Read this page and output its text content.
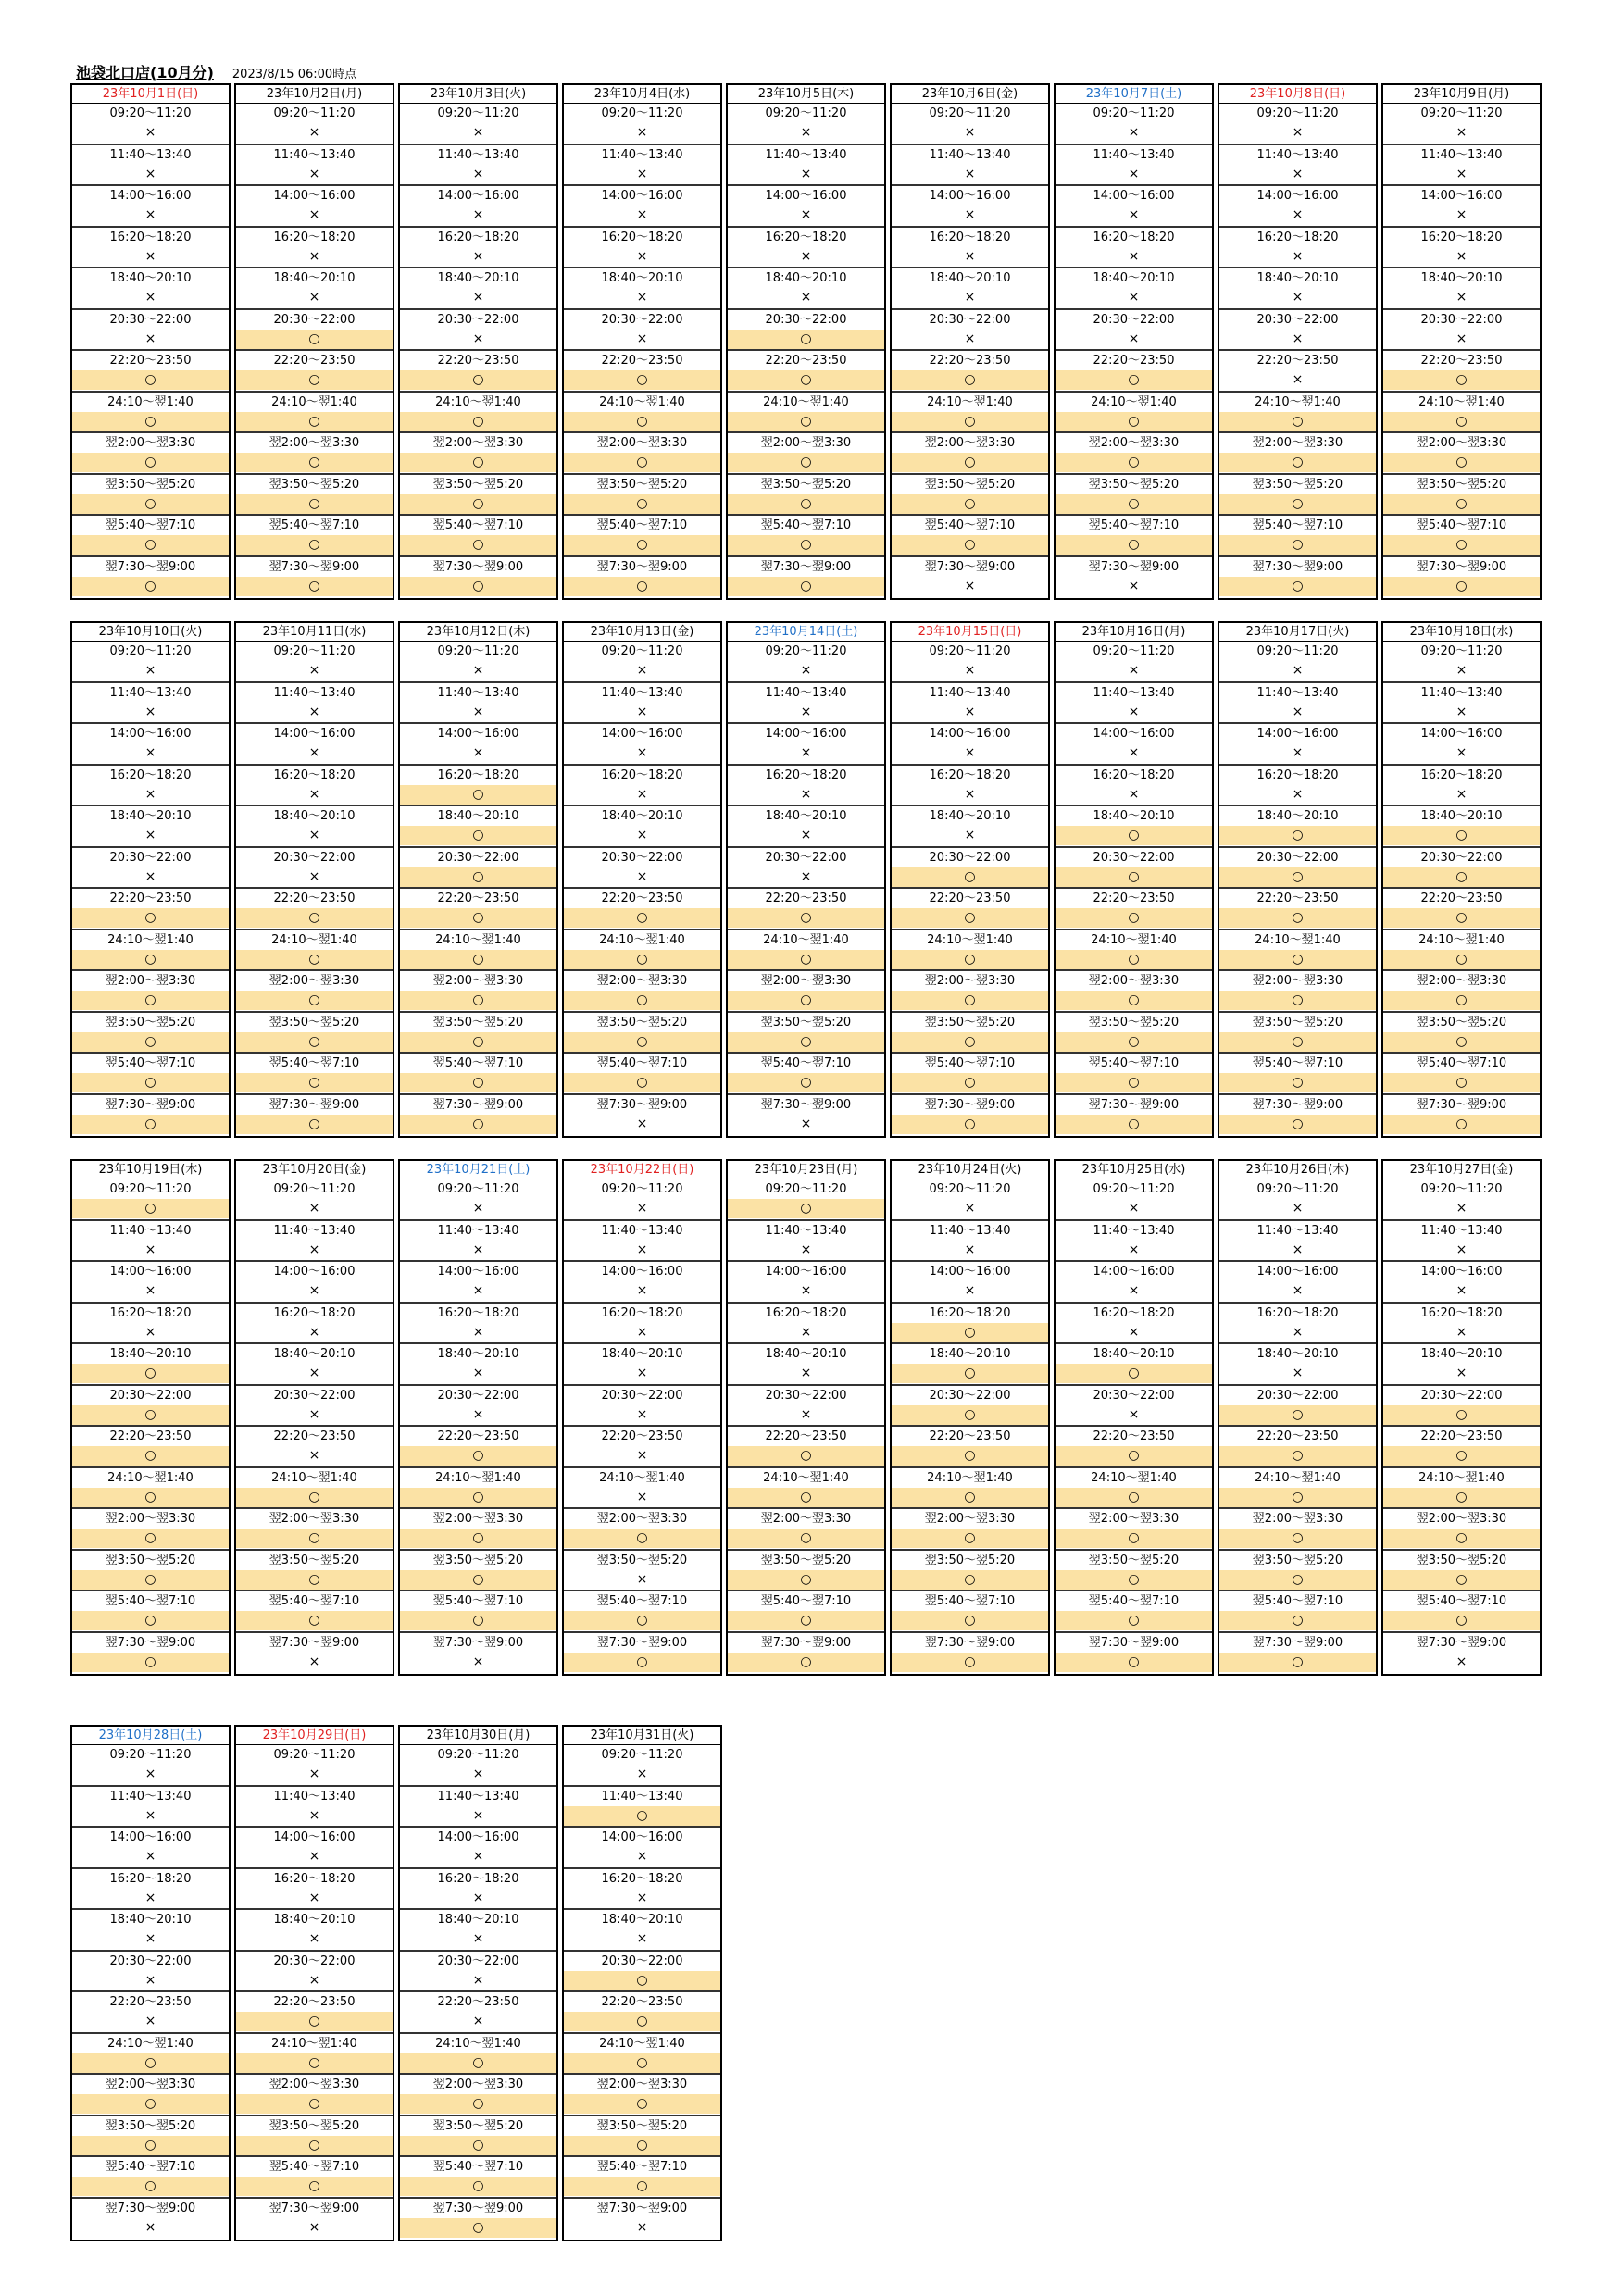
池袋北口店(10月分) 2023/8/15 06:00時点
23年10月1日(日)
09:20～11:20
×
11:40～13:40
×
14:00～16:00
×
16:20～18:20
×
18:40～20:10
×
20:30～22:00
×
22:20～23:50
○
24:10～翌1:40
○
翌2:00～翌3:30
○
翌3:50～翌5:20
○
翌5:40～翌7:10
○
翌7:30～翌9:00
○
23年10月2日(月)
09:20～11:20
×
11:40～13:40
×
14:00～16:00
×
16:20～18:20
×
18:40～20:10
×
20:30～22:00
○
22:20～23:50
○
24:10～翌1:40
○
翌2:00～翌3:30
○
翌3:50～翌5:20
○
翌5:40～翌7:10
○
翌7:30～翌9:00
○
23年10月3日(火)
09:20～11:20
×
11:40～13:40
×
14:00～16:00
×
16:20～18:20
×
18:40～20:10
×
20:30～22:00
×
22:20～23:50
○
24:10～翌1:40
○
翌2:00～翌3:30
○
翌3:50～翌5:20
○
翌5:40～翌7:10
○
翌7:30～翌9:00
○
23年10月4日(水)
09:20～11:20
×
11:40～13:40
×
14:00～16:00
×
16:20～18:20
×
18:40～20:10
×
20:30～22:00
×
22:20～23:50
○
24:10～翌1:40
○
翌2:00～翌3:30
○
翌3:50～翌5:20
○
翌5:40～翌7:10
○
翌7:30～翌9:00
○
23年10月5日(木)
09:20～11:20
×
11:40～13:40
×
14:00～16:00
×
16:20～18:20
×
18:40～20:10
×
20:30～22:00
○
22:20～23:50
○
24:10～翌1:40
○
翌2:00～翌3:30
○
翌3:50～翌5:20
○
翌5:40～翌7:10
○
翌7:30～翌9:00
○
23年10月6日(金)
09:20～11:20
×
11:40～13:40
×
14:00～16:00
×
16:20～18:20
×
18:40～20:10
×
20:30～22:00
×
22:20～23:50
○
24:10～翌1:40
○
翌2:00～翌3:30
○
翌3:50～翌5:20
○
翌5:40～翌7:10
○
翌7:30～翌9:00
×
23年10月7日(土)
09:20～11:20
×
11:40～13:40
×
14:00～16:00
×
16:20～18:20
×
18:40～20:10
×
20:30～22:00
×
22:20～23:50
○
24:10～翌1:40
○
翌2:00～翌3:30
○
翌3:50～翌5:20
○
翌5:40～翌7:10
○
翌7:30～翌9:00
×
23年10月8日(日)
09:20～11:20
×
11:40～13:40
×
14:00～16:00
×
16:20～18:20
×
18:40～20:10
×
20:30～22:00
×
22:20～23:50
×
24:10～翌1:40
○
翌2:00～翌3:30
○
翌3:50～翌5:20
○
翌5:40～翌7:10
○
翌7:30～翌9:00
○
23年10月9日(月)
09:20～11:20
×
11:40～13:40
×
14:00～16:00
×
16:20～18:20
×
18:40～20:10
×
20:30～22:00
×
22:20～23:50
○
24:10～翌1:40
○
翌2:00～翌3:30
○
翌3:50～翌5:20
○
翌5:40～翌7:10
○
翌7:30～翌9:00
○
23年10月10日(火)
09:20～11:20
×
11:40～13:40
×
14:00～16:00
×
16:20～18:20
×
18:40～20:10
×
20:30～22:00
×
22:20～23:50
○
24:10～翌1:40
○
翌2:00～翌3:30
○
翌3:50～翌5:20
○
翌5:40～翌7:10
○
翌7:30～翌9:00
○
23年10月11日(水)
09:20～11:20
×
11:40～13:40
×
14:00～16:00
×
16:20～18:20
×
18:40～20:10
×
20:30～22:00
×
22:20～23:50
○
24:10～翌1:40
○
翌2:00～翌3:30
○
翌3:50～翌5:20
○
翌5:40～翌7:10
○
翌7:30～翌9:00
○
23年10月12日(木)
09:20～11:20
×
11:40～13:40
×
14:00～16:00
×
16:20～18:20
○
18:40～20:10
○
20:30～22:00
○
22:20～23:50
○
24:10～翌1:40
○
翌2:00～翌3:30
○
翌3:50～翌5:20
○
翌5:40～翌7:10
○
翌7:30～翌9:00
○
23年10月13日(金)
09:20～11:20
×
11:40～13:40
×
14:00～16:00
×
16:20～18:20
×
18:40～20:10
×
20:30～22:00
×
22:20～23:50
○
24:10～翌1:40
○
翌2:00～翌3:30
○
翌3:50～翌5:20
○
翌5:40～翌7:10
○
翌7:30～翌9:00
×
23年10月14日(土)
09:20～11:20
×
11:40～13:40
×
14:00～16:00
×
16:20～18:20
×
18:40～20:10
×
20:30～22:00
×
22:20～23:50
○
24:10～翌1:40
○
翌2:00～翌3:30
○
翌3:50～翌5:20
○
翌5:40～翌7:10
○
翌7:30～翌9:00
×
23年10月15日(日)
09:20～11:20
×
11:40～13:40
×
14:00～16:00
×
16:20～18:20
×
18:40～20:10
×
20:30～22:00
○
22:20～23:50
○
24:10～翌1:40
○
翌2:00～翌3:30
○
翌3:50～翌5:20
○
翌5:40～翌7:10
○
翌7:30～翌9:00
○
23年10月16日(月)
09:20～11:20
×
11:40～13:40
×
14:00～16:00
×
16:20～18:20
×
18:40～20:10
○
20:30～22:00
○
22:20～23:50
○
24:10～翌1:40
○
翌2:00～翌3:30
○
翌3:50～翌5:20
○
翌5:40～翌7:10
○
翌7:30～翌9:00
○
23年10月17日(火)
09:20～11:20
×
11:40～13:40
×
14:00～16:00
×
16:20～18:20
×
18:40～20:10
○
20:30～22:00
○
22:20～23:50
○
24:10～翌1:40
○
翌2:00～翌3:30
○
翌3:50～翌5:20
○
翌5:40～翌7:10
○
翌7:30～翌9:00
○
23年10月18日(水)
09:20～11:20
×
11:40～13:40
×
14:00～16:00
×
16:20～18:20
×
18:40～20:10
○
20:30～22:00
○
22:20～23:50
○
24:10～翌1:40
○
翌2:00～翌3:30
○
翌3:50～翌5:20
○
翌5:40～翌7:10
○
翌7:30～翌9:00
○
23年10月19日(木)
09:20～11:20
○
11:40～13:40
×
14:00～16:00
×
16:20～18:20
×
18:40～20:10
○
20:30～22:00
○
22:20～23:50
○
24:10～翌1:40
○
翌2:00～翌3:30
○
翌3:50～翌5:20
○
翌5:40～翌7:10
○
翌7:30～翌9:00
○
23年10月20日(金)
09:20～11:20
×
11:40～13:40
×
14:00～16:00
×
16:20～18:20
×
18:40～20:10
×
20:30～22:00
×
22:20～23:50
×
24:10～翌1:40
○
翌2:00～翌3:30
○
翌3:50～翌5:20
○
翌5:40～翌7:10
○
翌7:30～翌9:00
×
23年10月21日(土)
09:20～11:20
×
11:40～13:40
×
14:00～16:00
×
16:20～18:20
×
18:40～20:10
×
20:30～22:00
×
22:20～23:50
○
24:10～翌1:40
○
翌2:00～翌3:30
○
翌3:50～翌5:20
○
翌5:40～翌7:10
○
翌7:30～翌9:00
×
23年10月22日(日)
09:20～11:20
×
11:40～13:40
×
14:00～16:00
×
16:20～18:20
×
18:40～20:10
×
20:30～22:00
×
22:20～23:50
×
24:10～翌1:40
×
翌2:00～翌3:30
○
翌3:50～翌5:20
×
翌5:40～翌7:10
○
翌7:30～翌9:00
○
23年10月23日(月)
09:20～11:20
○
11:40～13:40
×
14:00～16:00
×
16:20～18:20
×
18:40～20:10
×
20:30～22:00
×
22:20～23:50
○
24:10～翌1:40
○
翌2:00～翌3:30
○
翌3:50～翌5:20
○
翌5:40～翌7:10
○
翌7:30～翌9:00
○
23年10月24日(火)
09:20～11:20
×
11:40～13:40
×
14:00～16:00
×
16:20～18:20
○
18:40～20:10
○
20:30～22:00
○
22:20～23:50
○
24:10～翌1:40
○
翌2:00～翌3:30
○
翌3:50～翌5:20
○
翌5:40～翌7:10
○
翌7:30～翌9:00
○
23年10月25日(水)
09:20～11:20
×
11:40～13:40
×
14:00～16:00
×
16:20～18:20
×
18:40～20:10
○
20:30～22:00
×
22:20～23:50
○
24:10～翌1:40
○
翌2:00～翌3:30
○
翌3:50～翌5:20
○
翌5:40～翌7:10
○
翌7:30～翌9:00
○
23年10月26日(木)
09:20～11:20
×
11:40～13:40
×
14:00～16:00
×
16:20～18:20
×
18:40～20:10
×
20:30～22:00
○
22:20～23:50
○
24:10～翌1:40
○
翌2:00～翌3:30
○
翌3:50～翌5:20
○
翌5:40～翌7:10
○
翌7:30～翌9:00
○
23年10月27日(金)
09:20～11:20
×
11:40～13:40
×
14:00～16:00
×
16:20～18:20
×
18:40～20:10
×
20:30～22:00
○
22:20～23:50
○
24:10～翌1:40
○
翌2:00～翌3:30
○
翌3:50～翌5:20
○
翌5:40～翌7:10
○
翌7:30～翌9:00
×
23年10月28日(土)
09:20～11:20
×
11:40～13:40
×
14:00～16:00
×
16:20～18:20
×
18:40～20:10
×
20:30～22:00
×
22:20～23:50
×
24:10～翌1:40
○
翌2:00～翌3:30
○
翌3:50～翌5:20
○
翌5:40～翌7:10
○
翌7:30～翌9:00
×
23年10月29日(日)
09:20～11:20
×
11:40～13:40
×
14:00～16:00
×
16:20～18:20
×
18:40～20:10
×
20:30～22:00
×
22:20～23:50
○
24:10～翌1:40
○
翌2:00～翌3:30
○
翌3:50～翌5:20
○
翌5:40～翌7:10
○
翌7:30～翌9:00
×
23年10月30日(月)
09:20～11:20
×
11:40～13:40
×
14:00～16:00
×
16:20～18:20
×
18:40～20:10
×
20:30～22:00
×
22:20～23:50
×
24:10～翌1:40
○
翌2:00～翌3:30
○
翌3:50～翌5:20
○
翌5:40～翌7:10
○
翌7:30～翌9:00
○
23年10月31日(火)
09:20～11:20
×
11:40～13:40
○
14:00～16:00
×
16:20～18:20
×
18:40～20:10
×
20:30～22:00
○
22:20～23:50
○
24:10～翌1:40
○
翌2:00～翌3:30
○
翌3:50～翌5:20
○
翌5:40～翌7:10
○
翌7:30～翌9:00
×
